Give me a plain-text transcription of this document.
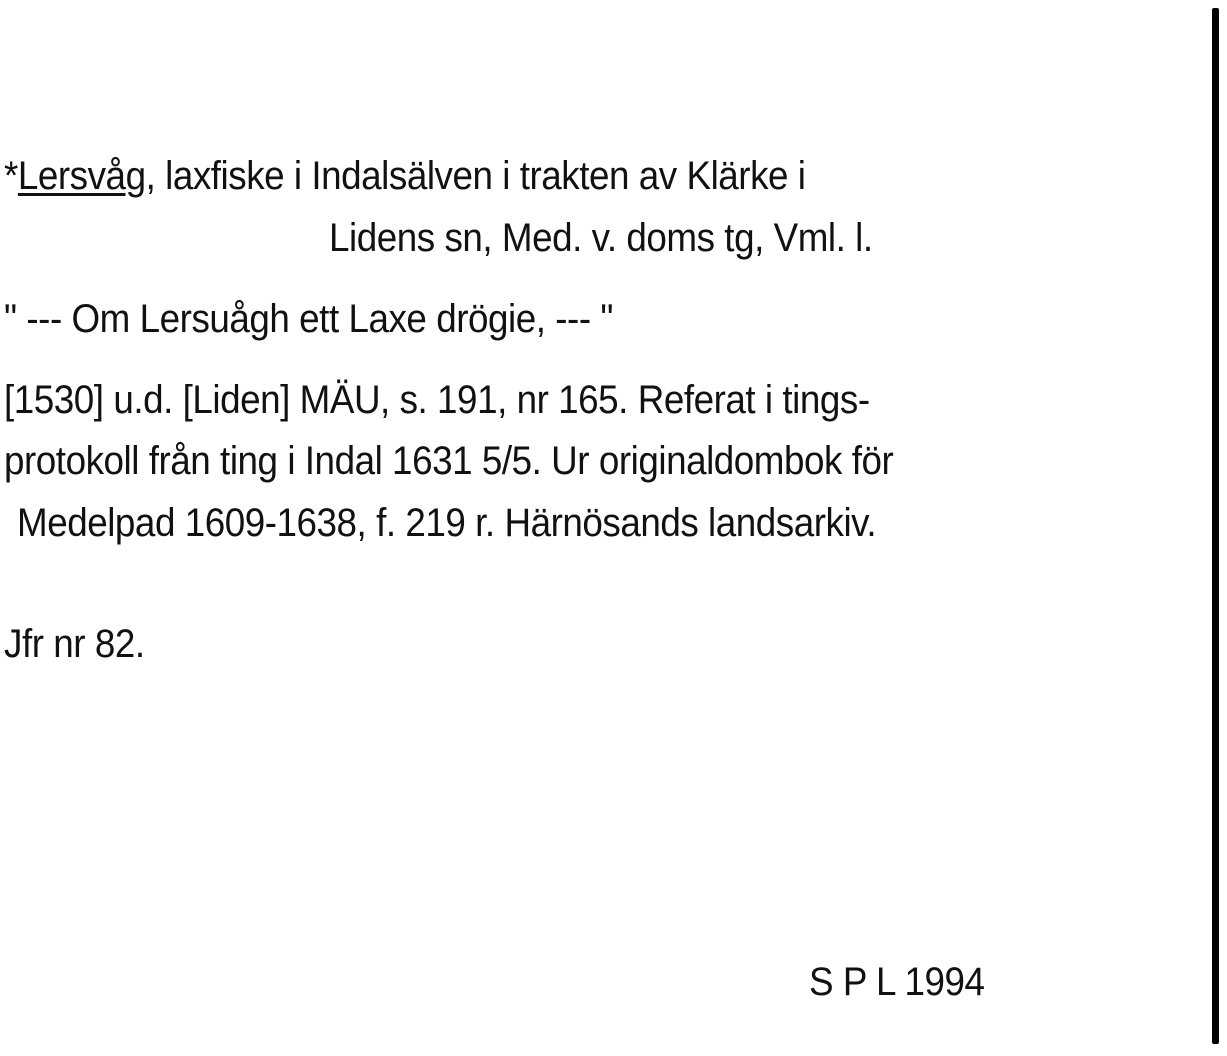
*Lersvåg, laxfiske i Indalsälven i trakten av Klärke i
Lidens sn, Med. v. doms tg, Vml. l.
" --- Om Lersuågh ett Laxe drögie, --- "
[1530] u.d. [Liden] MÄU, s. 191, nr 165. Referat i tings-
protokoll från ting i Indal 1631 5/5. Ur originaldombok för
Medelpad 1609-1638, f. 219 r. Härnösands landsarkiv.
Jfr nr 82.
S P L 1994
